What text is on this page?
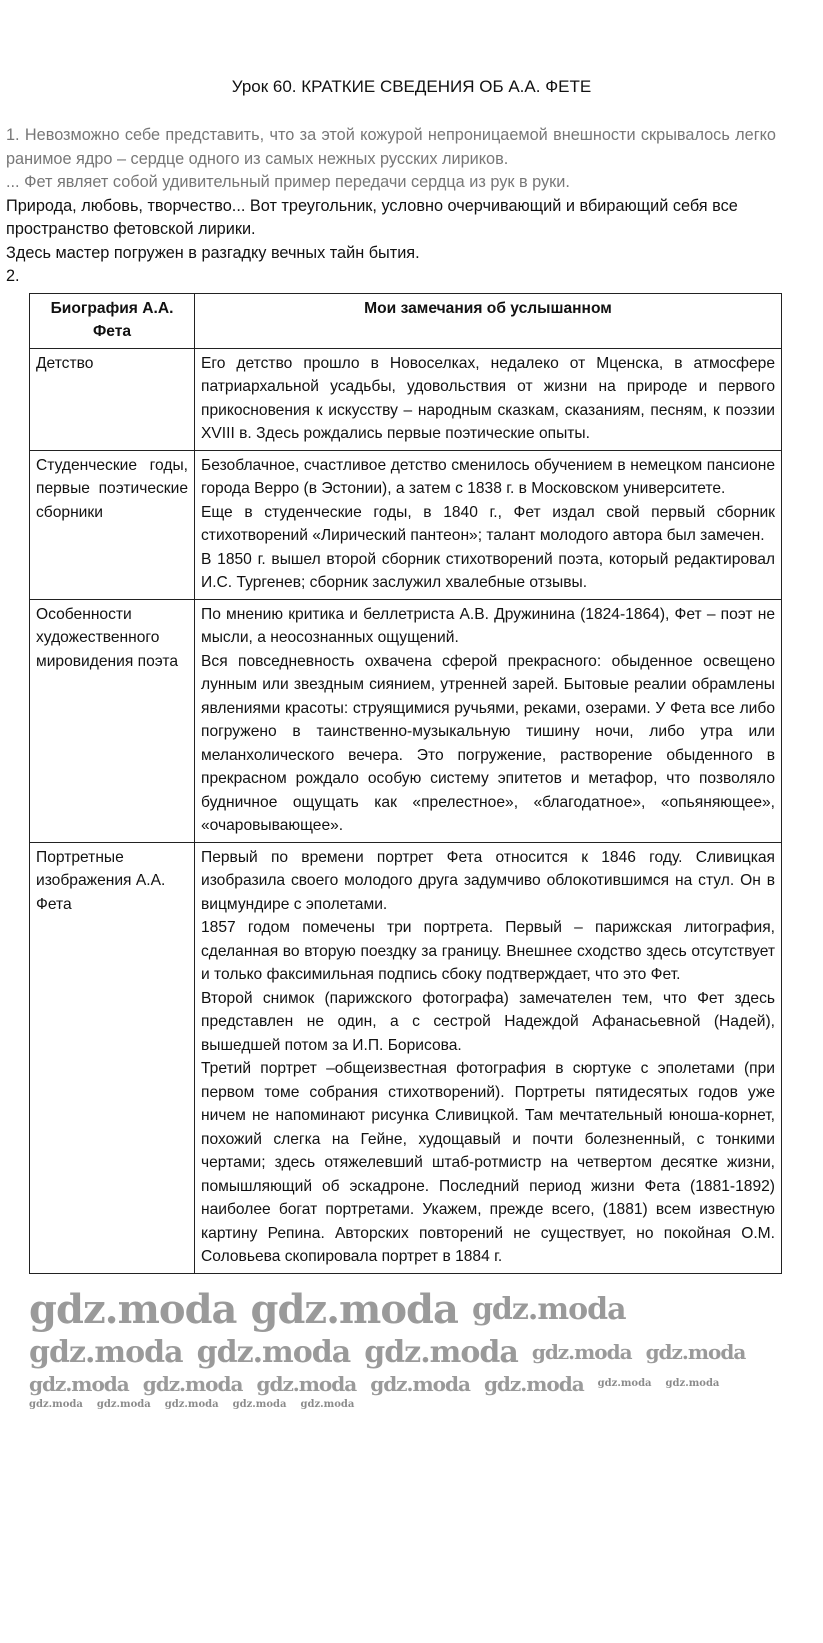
Урок 60. КРАТКИЕ СВЕДЕНИЯ ОБ А.А. ФЕТЕ

1. Невозможно себе представить, что за этой кожурой непроницаемой внешности скрывалось легко ранимое ядро – сердце одного из самых нежных русских лириков.

... Фет являет собой удивительный пример передачи сердца из рук в руки.

Природа, любовь, творчество... Вот треугольник, условно очерчивающий и вбирающий себя все пространство фетовской лирики.

Здесь мастер погружен в разгадку вечных тайн бытия.

2.

Биография А.А. Фета	Мои замечания об услышанном
Детство	Его детство прошло в Новоселках, недалеко от Мценска, в атмосфере патриархальной усадьбы, удовольствия от жизни на природе и первого прикосновения к искусству – народным сказкам, сказаниям, песням, к поэзии XVIII в. Здесь рождались первые поэтические опыты.

Студенческие годы, первые поэтические сборники	Безоблачное, счастливое детство сменилось обучением в немецком пансионе города Верро (в Эстонии), а затем с 1838 г. в Московском университете.

Еще в студенческие годы, в 1840 г., Фет издал свой первый сборник стихотворений «Лирический пантеон»; талант молодого автора был замечен.

В 1850 г. вышел второй сборник стихотворений поэта, который редактировал И.С. Тургенев; сборник заслужил хвалебные отзывы.

Особенности художественного мировидения поэта	По мнению критика и беллетриста А.В. Дружинина (1824-1864), Фет – поэт не мысли, а неосознанных ощущений.

Вся повседневность охвачена сферой прекрасного: обыденное освещено лунным или звездным сиянием, утренней зарей. Бытовые реалии обрамлены явлениями красоты: струящимися ручьями, реками, озерами. У Фета все либо погружено в таинственно-музыкальную тишину ночи, либо утра или меланхолического вечера. Это погружение, растворение обыденного в прекрасном рождало особую систему эпитетов и метафор, что позволяло будничное ощущать как «прелестное», «благодатное», «опьяняющее», «очаровывающее».

Портретные изображения А.А. Фета	Первый по времени портрет Фета относится к 1846 году. Сливицкая изобразила своего молодого друга задумчиво облокотившимся на стул. Он в вицмундире с эполетами.

1857 годом помечены три портрета. Первый – парижская литография, сделанная во вторую поездку за границу. Внешнее сходство здесь отсутствует и только факсимильная подпись сбоку подтверждает, что это Фет.

Второй снимок (парижского фотографа) замечателен тем, что Фет здесь представлен не один, а с сестрой Надеждой Афанасьевной (Надей), вышедшей потом за И.П. Борисова.

Третий портрет –общеизвестная фотография в сюртуке с эполетами (при первом томе собрания стихотворений). Портреты пятидесятых годов уже ничем не напоминают рисунка Сливицкой. Там мечтательный юноша-корнет, похожий слегка на Гейне, худощавый и почти болезненный, с тонкими чертами; здесь отяжелевший штаб-ротмистр на четвертом десятке жизни, помышляющий об эскадроне. Последний период жизни Фета (1881-1892) наиболее богат портретами. Укажем, прежде всего, (1881) всем известную картину Репина. Авторских повторений не существует, но покойная О.М. Соловьева скопировала портрет в 1884 г.

gdz.moda gdz.moda gdz.moda
gdz.moda gdz.moda gdz.moda gdz.moda gdz.moda
gdz.moda gdz.moda gdz.moda gdz.moda gdz.moda gdz.moda gdz.moda
gdz.moda gdz.moda gdz.moda gdz.moda gdz.moda
